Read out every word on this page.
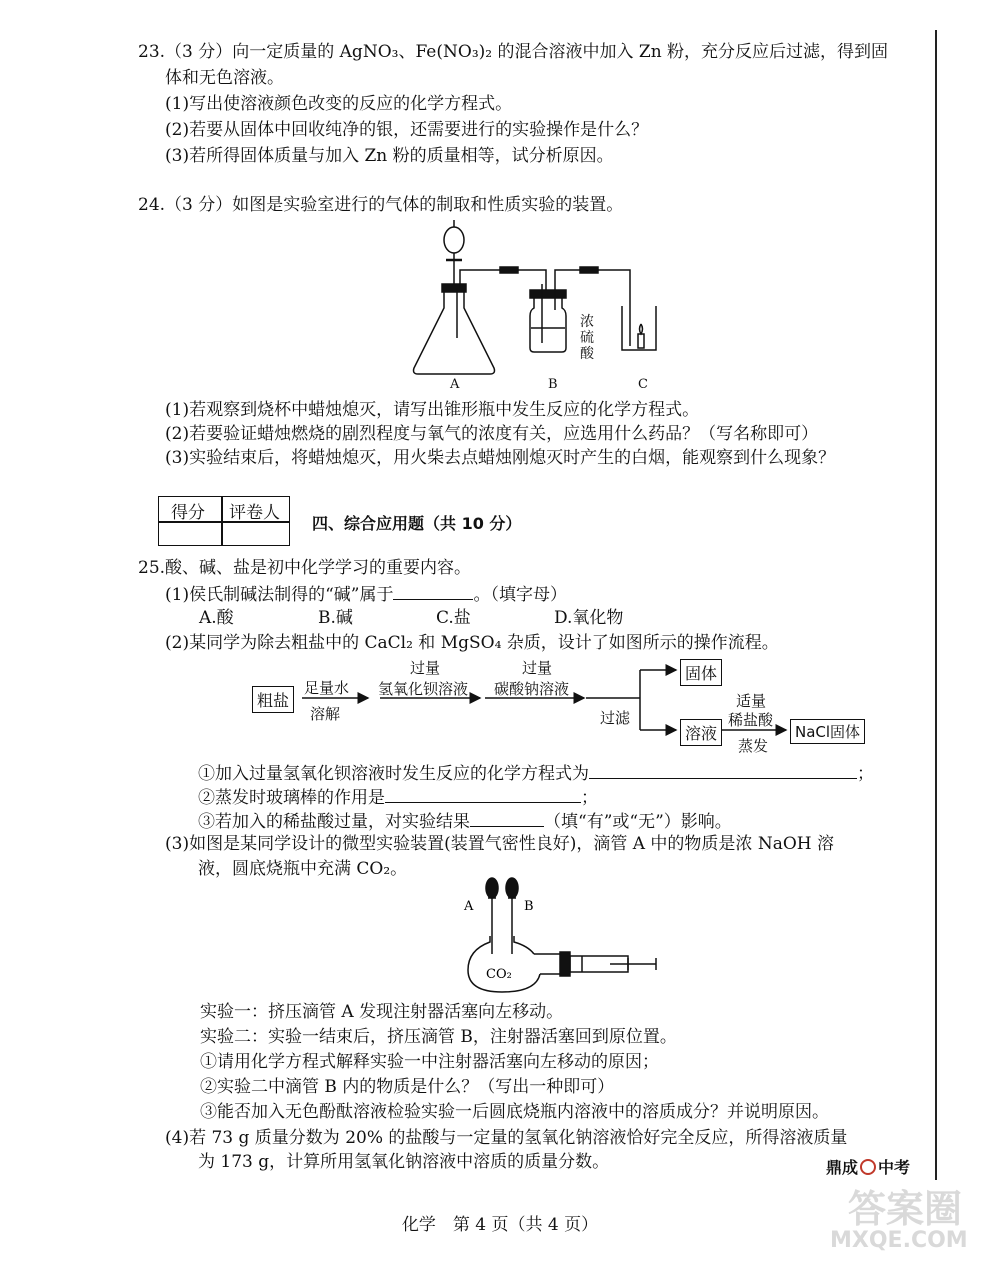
23.（3 分）向一定质量的 AgNO₃、Fe(NO₃)₂ 的混合溶液中加入 Zn 粉，充分反应后过滤，得到固
体和无色溶液。
(1)写出使溶液颜色改变的反应的化学方程式。
(2)若要从固体中回收纯净的银，还需要进行的实验操作是什么？
(3)若所得固体质量与加入 Zn 粉的质量相等，试分析原因。
24.（3 分）如图是实验室进行的气体的制取和性质实验的装置。
A	B	C
浓
硫
酸
(1)若观察到烧杯中蜡烛熄灭，请写出锥形瓶中发生反应的化学方程式。
(2)若要验证蜡烛燃烧的剧烈程度与氧气的浓度有关，应选用什么药品？（写名称即可）
(3)实验结束后，将蜡烛熄灭，用火柴去点蜡烛刚熄灭时产生的白烟，能观察到什么现象？
得分 评卷人
四、综合应用题（共 10 分）
25.酸、碱、盐是初中化学学习的重要内容。
(1)侯氏制碱法制得的“碱”属于	。（填字母）
A.酸	B.碱	C.盐	D.氧化物
(2)某同学为除去粗盐中的 CaCl₂ 和 MgSO₄ 杂质，设计了如图所示的操作流程。
粗盐
足量水
溶解
过量
氢氧化钡溶液
过量
碳酸钠溶液
过滤
固体
溶液
适量
稀盐酸
蒸发
NaCl固体
①加入过量氢氧化钡溶液时发生反应的化学方程式为	；
②蒸发时玻璃棒的作用是	；
③若加入的稀盐酸过量，对实验结果	（填“有”或“无”）影响。
(3)如图是某同学设计的微型实验装置(装置气密性良好)，滴管 A 中的物质是浓 NaOH 溶
液，圆底烧瓶中充满 CO₂。
A	B
CO₂
实验一：挤压滴管 A 发现注射器活塞向左移动。
实验二：实验一结束后，挤压滴管 B，注射器活塞回到原位置。
①请用化学方程式解释实验一中注射器活塞向左移动的原因；
②实验二中滴管 B 内的物质是什么？（写出一种即可）
③能否加入无色酚酞溶液检验实验一后圆底烧瓶内溶液中的溶质成分？并说明原因。
(4)若 73 g 质量分数为 20% 的盐酸与一定量的氢氧化钠溶液恰好完全反应，所得溶液质量
为 173 g，计算所用氢氧化钠溶液中溶质的质量分数。	鼎成 中考
化学　第 4 页（共 4 页）	答案圈
MXQE.COM
